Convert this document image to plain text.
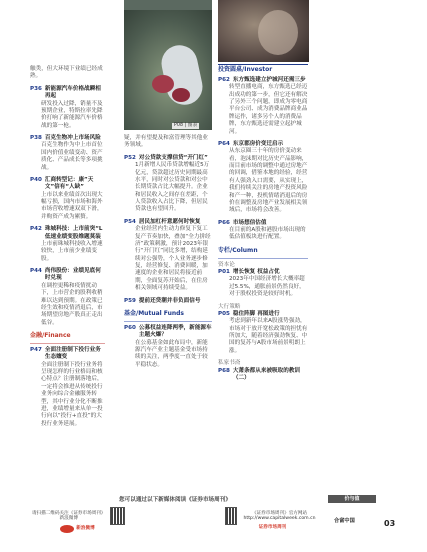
P08 | 图表
触类，但大环境下业绩已经成熟。
P36 新能源汽车价格战瞬相再起
研发投入过降，销量不及预期企业，特斯拉率先降价打响了新能源汽车价格战的第一枪。
P38 百克生物冲上市场风险
百克生物作为中上市首位国内价值业绩变动、资产质化、产品成长等多项挑战。
P40 汇商转型记：康”天文”信有“人缺”
上市以来业绩首次出现大幅亏损，国内市场和海外市场营收增速双双下滑，并购资产成为累赘。
P42 珠城科技：上市前突“L低速业绩变股维题莫装
上市前珠城科技收入增速较快，上市前少业绩变股。
P44 尚伟股份：业绩见底何时兑现
在调控更稀和疫情扰动下，上市营企的股利收稍难以达到预期。在政策已经生效和疫情消退后，市场期望房地产股真正走出低谷。
金融/Finance
P47 全面注册制下投行业务生态嬗变
全面注册制下投行业务将呈现怎样的行业格局和核心特点？注册制落地后，一定将会推进从传统投行业务向综合金融服务转型，其中行业分化不断推进，业绩增量来从单一投行向以“投行+直投”的大投行业务延展。
疑，并有望提及和富管理等其他业务领域。
P52 对公贷款支撑信贷“开门红”
1月新增人民币贷款增幅近5万亿元，贷款超过历史同期最高水平，同时对公贷款和对公中长期贷款占比大幅提升。企业和居民收入之间存在差距，个人贷款收入占比下降，但居民贷款也有望回升。
P54 居民加杠杆意愿何时恢复
企业经营内生动力修复下复工复产节奏加快，叠加“全力拼经济”政策刺激，预计2023年银行“开门红”同比多增，结构延续对公强势，个人业务逐步修复，经营修复、消费回暖，加速度的企业和居民将接近前期，全面复苏开始后，在住房相关领域可持续受益。
P59 提前还贷潮并非负面信号
基金/Mutual Funds
P60 公募权益连降两季，新能源车主题火爆？
在公募基金如此布局中，新能源汽车产业主题基金受市场持续的关注，两季度一直处于较平稳状态。
投资圆桌/Investor
P62 东方甄选建立护城河还需三步
转型直播电商，东方甄选已经迈出成功的第一步，但它还有解决了另外三个问题，即成为零电商平台公司、成为消费品牌商业品牌运作，诸多另个人的消费品牌，东方甄选还需建立起护城河。
P64 东京郡房价变迁启示
从东京圈三十年的房价变动来看，泡沫期对比历史产品影响，而目前市场的调整中通过房地产的回调，借鉴本地的经验，经营有人强劲入口需要，从实现上，我们持续关注的房地产投资风险和产一种，投机情绪消退后的房价在调整及房地产业发展相关领域后，市场将会改善。
P66 市场想信估值
在目前的A股和港股市场出现的低估值板块进行配置。
专栏/Column
资本论
P01 增长恢复 权益占优
2023年中国经济增长大概率超过5.5%，通胀前景仍然良好，对于股权投资是较好时机。
大行策略
P05 稳住阵脚 再图进行
考虑到新年以来A股涨势强劲，市场对于放开宽松政策的担忧有所加大，随着经济强劲恢复、中国的复苏与A股市场前景明朗上涨。
私家书斋
P68 大萧条都从来被吸取的教训（二）
您可以通过以下新媒体阅读《证券市场周刊》
请扫描二维码关注《证券市场周刊》新浪微博
新浪微博
《证券市场周刊》官方网站 http://www.capitalweek.com.cn
证券市场周刊
价与值
合富中国	03
